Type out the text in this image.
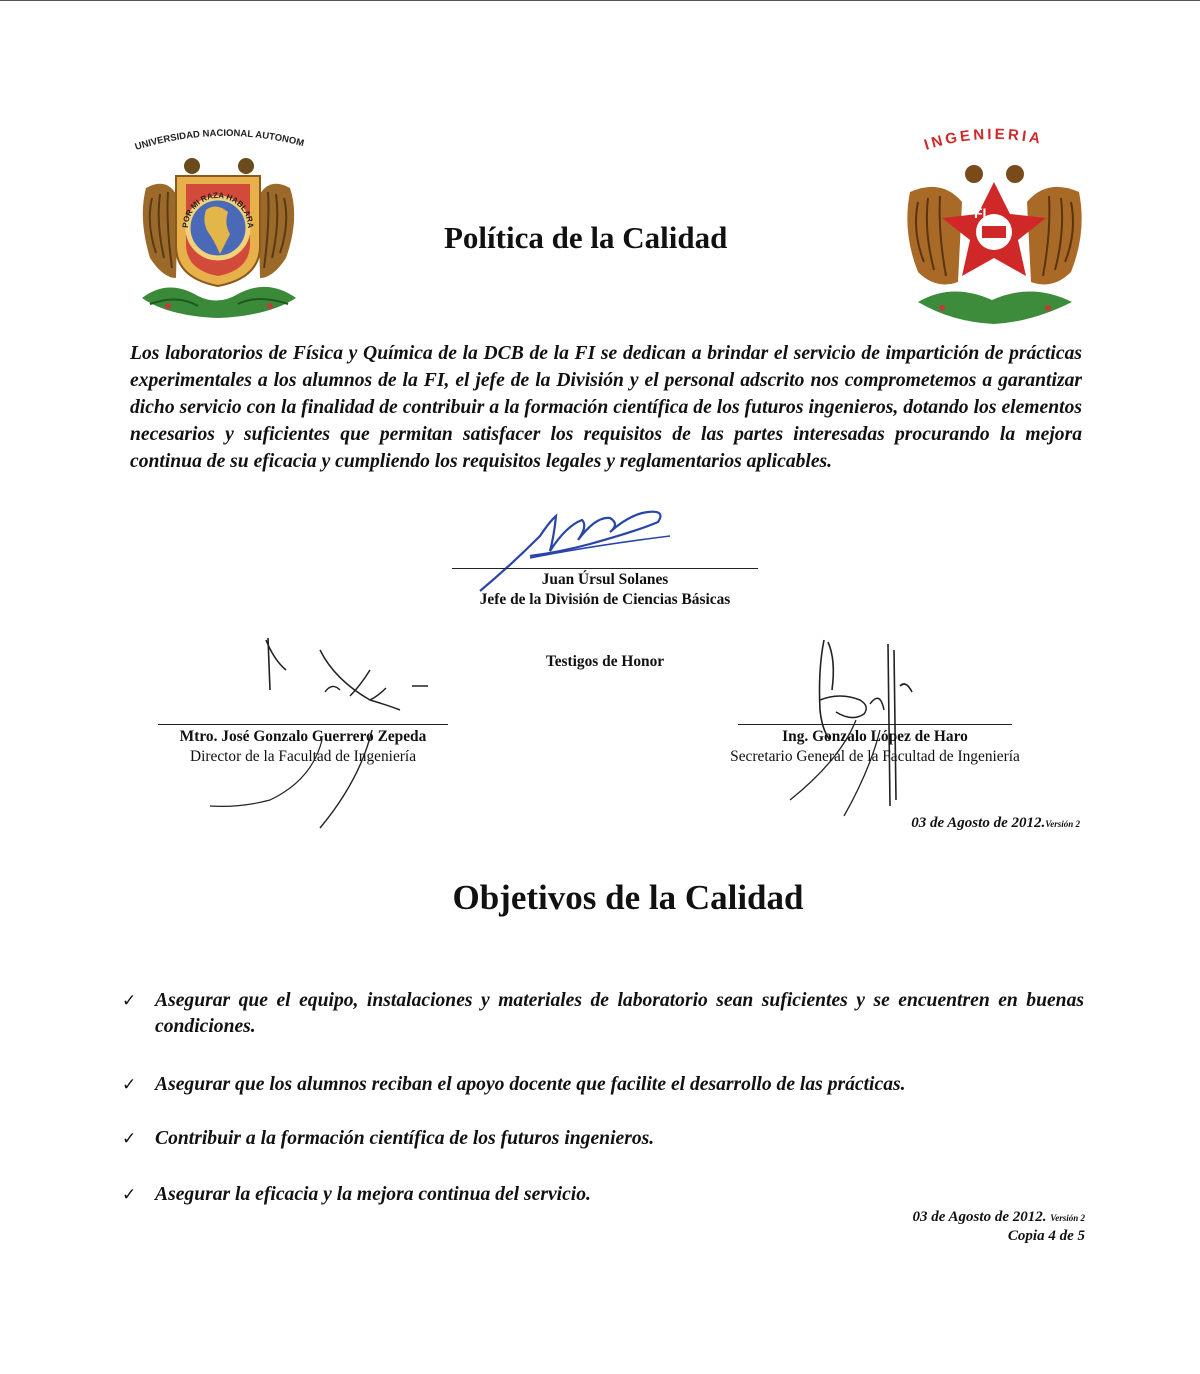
UNIVERSIDAD NACIONAL AUTONOM
POR MI RAZA HABLARA
INGENIERIA
FI
Política de la Calidad
Los laboratorios de Física y Química de la DCB de la FI se dedican a brindar el servicio de impartición de prácticas experimentales a los alumnos de la FI, el jefe de la División y el personal adscrito nos comprometemos a garantizar dicho servicio con la finalidad de contribuir a la formación científica de los futuros ingenieros, dotando los elementos necesarios y suficientes que permitan satisfacer los requisitos de las partes interesadas procurando la mejora continua de su eficacia y cumpliendo los requisitos legales y reglamentarios aplicables.
Juan Úrsul Solanes
Jefe de la División de Ciencias Básicas
Testigos de Honor
Mtro. José Gonzalo Guerrero Zepeda
Director de la Facultad de Ingeniería
Ing. Gonzalo López de Haro
Secretario General de la Facultad de Ingeniería
03 de Agosto de 2012.Versión 2
Objetivos de la Calidad
✓ Asegurar que el equipo, instalaciones y materiales de laboratorio sean suficientes y se encuentren en buenas condiciones.
✓ Asegurar que los alumnos reciban el apoyo docente que facilite el desarrollo de las prácticas.
✓ Contribuir a la formación científica de los futuros ingenieros.
✓ Asegurar la eficacia y la mejora continua del servicio.
03 de Agosto de 2012. Versión 2
Copia 4 de 5
